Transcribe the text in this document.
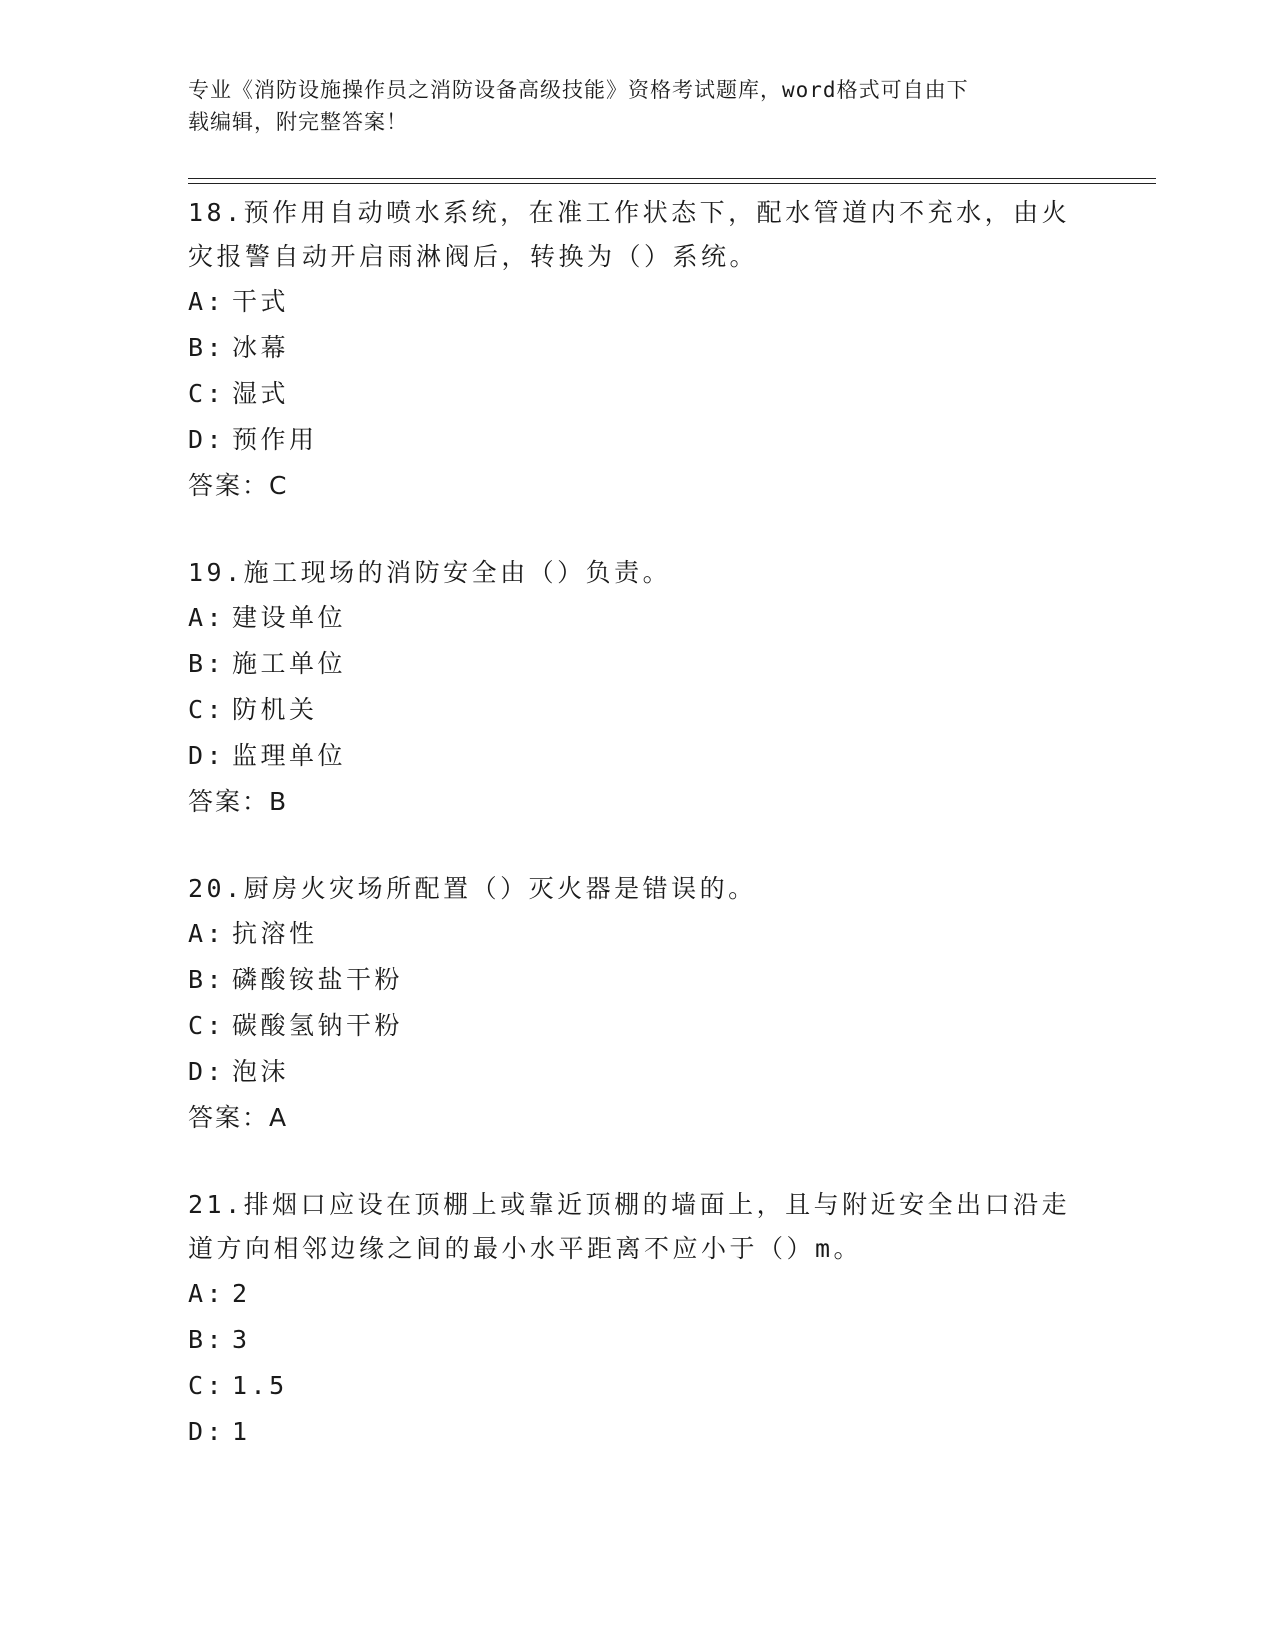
专业《消防设施操作员之消防设备高级技能》资格考试题库，word格式可自由下
载编辑，附完整答案！
18.预作用自动喷水系统，在准工作状态下，配水管道内不充水，由火
灾报警自动开启雨淋阀后，转换为（）系统。
A: 干式
B: 冰幕
C: 湿式
D: 预作用
答案：C
19.施工现场的消防安全由（）负责。
A: 建设单位
B: 施工单位
C: 防机关
D: 监理单位
答案：B
20.厨房火灾场所配置（）灭火器是错误的。
A: 抗溶性
B: 磷酸铵盐干粉
C: 碳酸氢钠干粉
D: 泡沫
答案：A
21.排烟口应设在顶棚上或靠近顶棚的墙面上，且与附近安全出口沿走
道方向相邻边缘之间的最小水平距离不应小于（）m。
A: 2
B: 3
C: 1.5
D: 1
